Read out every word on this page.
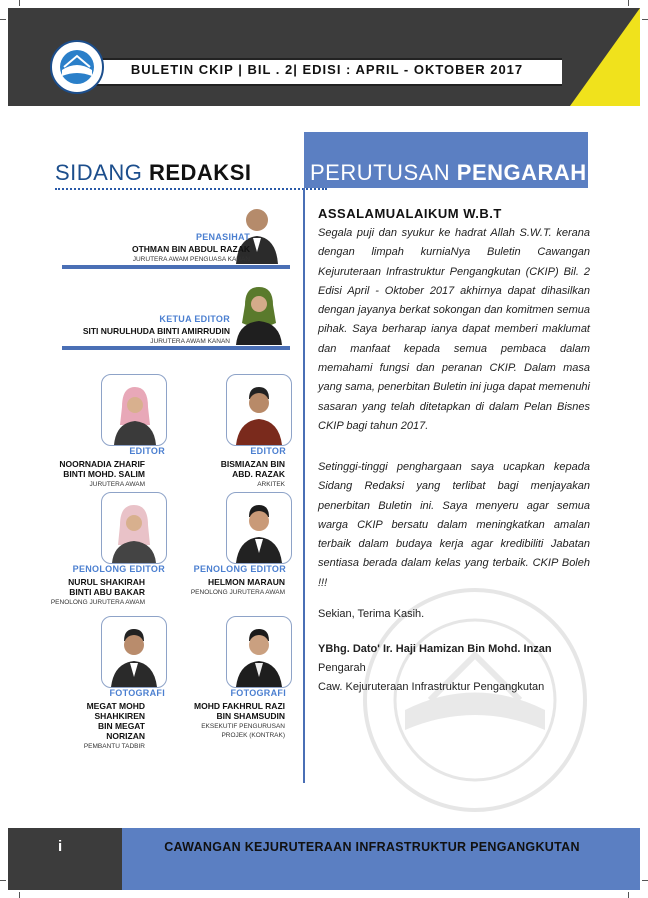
BULETIN CKIP | BIL . 2| EDISI : APRIL - OKTOBER 2017
SIDANG REDAKSI	PERUTUSAN PENGARAH
ASSALAMUALAIKUM W.B.T
Segala puji dan syukur ke hadrat Allah S.W.T. kerana dengan limpah kurniaNya Buletin Cawangan Kejuruteraan Infrastruktur Pengangkutan (CKIP) Bil. 2 Edisi April - Oktober 2017 akhirnya dapat dihasilkan dengan jayanya berkat sokongan dan komitmen semua pihak. Saya berharap ianya dapat memberi maklumat dan manfaat kepada semua pembaca dalam memahami fungsi dan peranan CKIP. Dalam masa yang sama, penerbitan Buletin ini juga dapat memenuhi sasaran yang telah ditetapkan di dalam Pelan Bisnes CKIP bagi tahun 2017.
Setinggi-tinggi penghargaan saya ucapkan kepada Sidang Redaksi yang terlibat bagi menjayakan penerbitan Buletin ini. Saya menyeru agar semua warga CKIP bersatu dalam meningkatkan amalan terbaik dalam budaya kerja agar kredibiliti Jabatan sentiasa berada dalam kelas yang terbaik. CKIP Boleh !!!
Sekian, Terima Kasih.
YBhg. Dato' Ir. Haji Hamizan Bin Mohd. Inzan
Pengarah
Caw. Kejuruteraan Infrastruktur Pengangkutan
PENASIHAT
OTHMAN BIN ABDUL RAZAK
JURUTERA AWAM PENGUASA KANAN
KETUA EDITOR
SITI NURULHUDA BINTI AMIRRUDIN
JURUTERA AWAM KANAN
EDITOR
NOORNADIA ZHARIF
BINTI MOHD. SALIM
JURUTERA AWAM
EDITOR
BISMIAZAN BIN
ABD. RAZAK
ARKITEK
PENOLONG EDITOR
NURUL SHAKIRAH
BINTI ABU BAKAR
PENOLONG JURUTERA AWAM
PENOLONG EDITOR
HELMON MARAUN
PENOLONG JURUTERA AWAM
FOTOGRAFI
MEGAT MOHD
SHAHKIREN
BIN MEGAT
NORIZAN
PEMBANTU TADBIR
FOTOGRAFI
MOHD FAKHRUL RAZI
BIN SHAMSUDIN
EKSEKUTIF PENGURUSAN
PROJEK (KONTRAK)
i	CAWANGAN KEJURUTERAAN INFRASTRUKTUR PENGANGKUTAN
